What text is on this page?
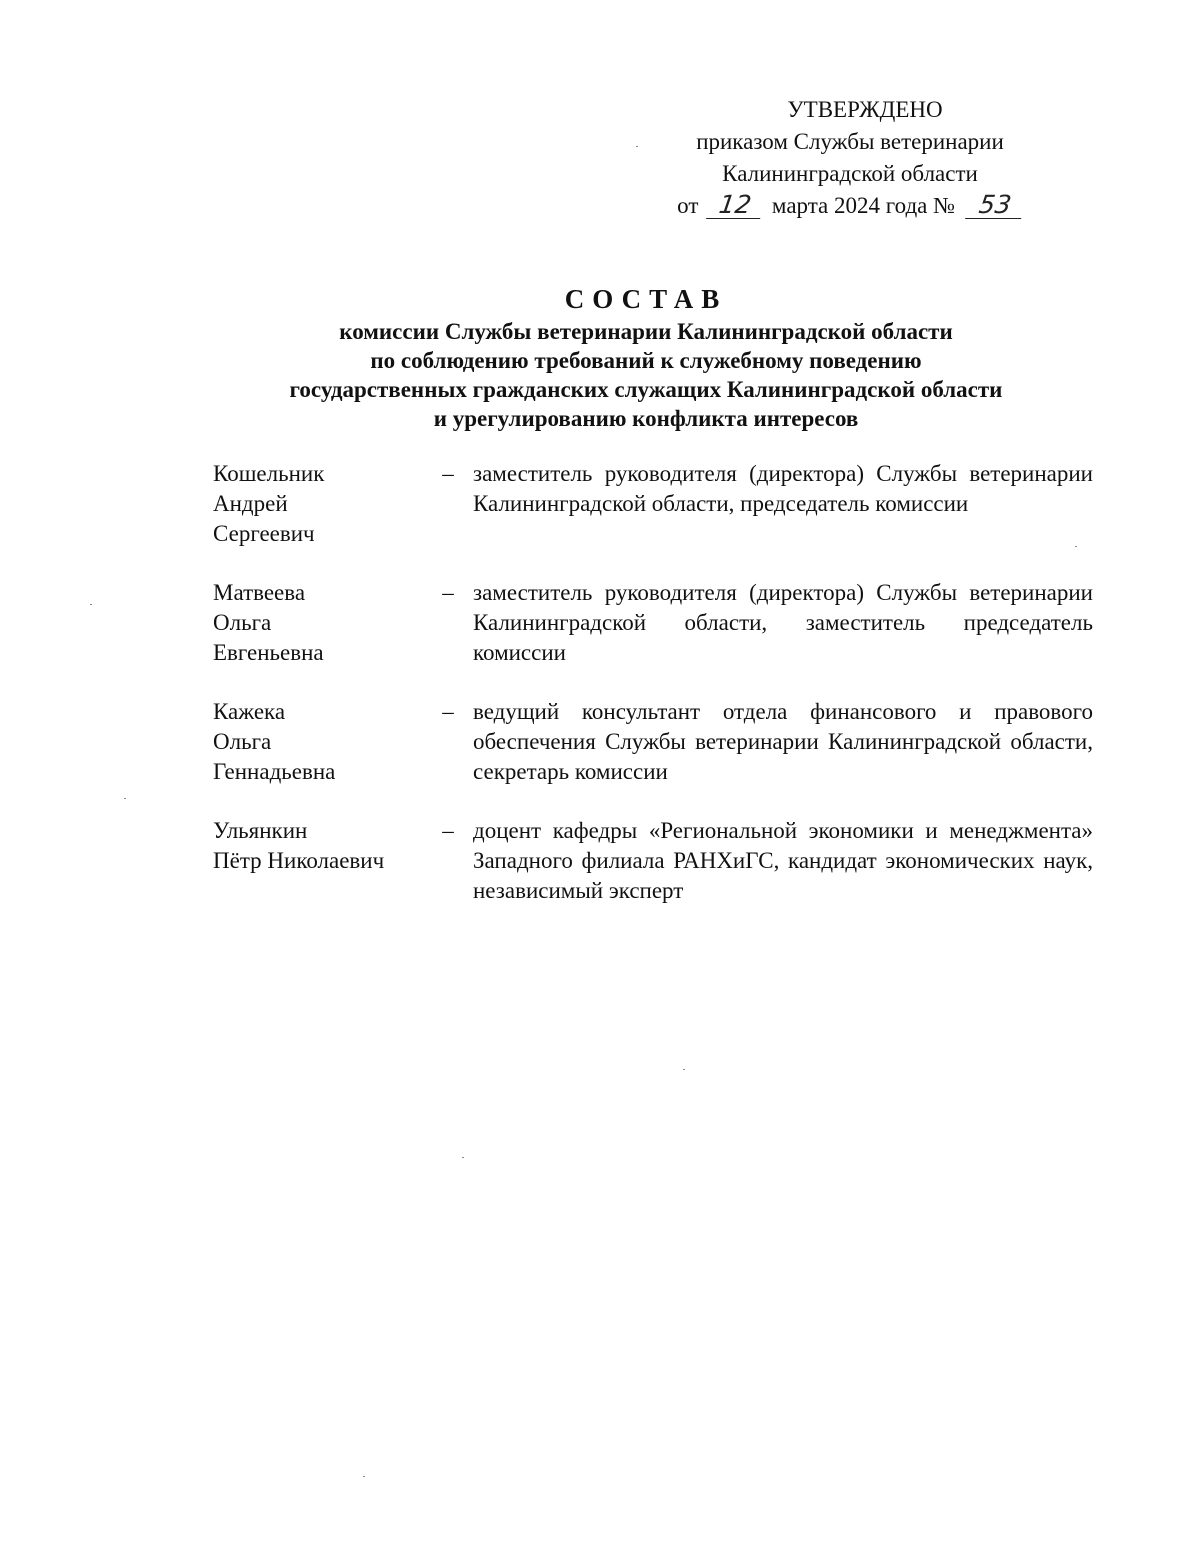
УТВЕРЖДЕНО
приказом Службы ветеринарии
Калининградской области
от 12 марта 2024 года № 53
СОСТАВ
комиссии Службы ветеринарии Калининградской области
по соблюдению требований к служебному поведению
государственных гражданских служащих Калининградской области
и урегулированию конфликта интересов
Кошельник
Андрей
Сергеевич
– заместитель руководителя (директора) Службы ветеринарии Калининградской области, председатель комиссии
Матвеева
Ольга
Евгеньевна
– заместитель руководителя (директора) Службы ветеринарии Калининградской области, заместитель председатель комиссии
Кажека
Ольга
Геннадьевна
– ведущий консультант отдела финансового и правового обеспечения Службы ветеринарии Калининградской области, секретарь комиссии
Ульянкин
Пётр Николаевич
– доцент кафедры «Региональной экономики и менеджмента» Западного филиала РАНХиГС, кандидат экономических наук, независимый эксперт
